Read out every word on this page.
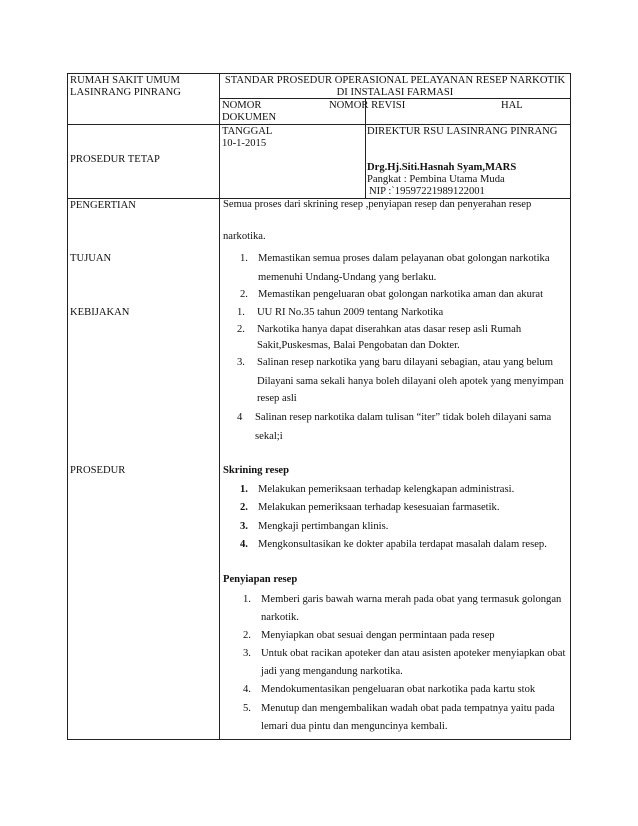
RUMAH SAKIT UMUM
LASINRANG PINRANG
STANDAR PROSEDUR OPERASIONAL PELAYANAN RESEP NARKOTIK
DI INSTALASI FARMASI
NOMOR
DOKUMEN
NOMOR REVISI	HAL
PROSEDUR TETAP
TANGGAL
10-1-2015
DIREKTUR RSU LASINRANG PINRANG
Drg.Hj.Siti.Hasnah Syam,MARS
Pangkat : Pembina Utama Muda
NIP :`19597221989122001
PENGERTIAN
TUJUAN
KEBIJAKAN
PROSEDUR
Semua proses dari skrining resep ,penyiapan resep dan penyerahan resep
narkotika.
1. Memastikan semua proses dalam pelayanan obat golongan narkotika
memenuhi Undang-Undang yang berlaku.
2. Memastikan pengeluaran obat golongan narkotika aman dan akurat
1. UU RI No.35 tahun 2009 tentang Narkotika
2. Narkotika hanya dapat diserahkan atas dasar resep asli Rumah
Sakit,Puskesmas, Balai Pengobatan dan Dokter.
3. Salinan resep narkotika yang baru dilayani sebagian, atau yang belum
Dilayani sama sekali hanya boleh dilayani oleh apotek yang menyimpan
resep asli
4 Salinan resep narkotika dalam tulisan “iter” tidak boleh dilayani sama
sekal;i
Skrining resep
1. Melakukan pemeriksaan terhadap kelengkapan administrasi.
2. Melakukan pemeriksaan terhadap kesesuaian farmasetik.
3. Mengkaji pertimbangan klinis.
4. Mengkonsultasikan ke dokter apabila terdapat masalah dalam resep.
Penyiapan resep
1. Memberi garis bawah warna merah pada obat yang termasuk golongan
narkotik.
2. Menyiapkan obat sesuai dengan permintaan pada resep
3. Untuk obat racikan apoteker dan atau asisten apoteker menyiapkan obat
jadi yang mengandung narkotika.
4. Mendokumentasikan pengeluaran obat narkotika pada kartu stok
5. Menutup dan mengembalikan wadah obat pada tempatnya yaitu pada
lemari dua pintu dan menguncinya kembali.
